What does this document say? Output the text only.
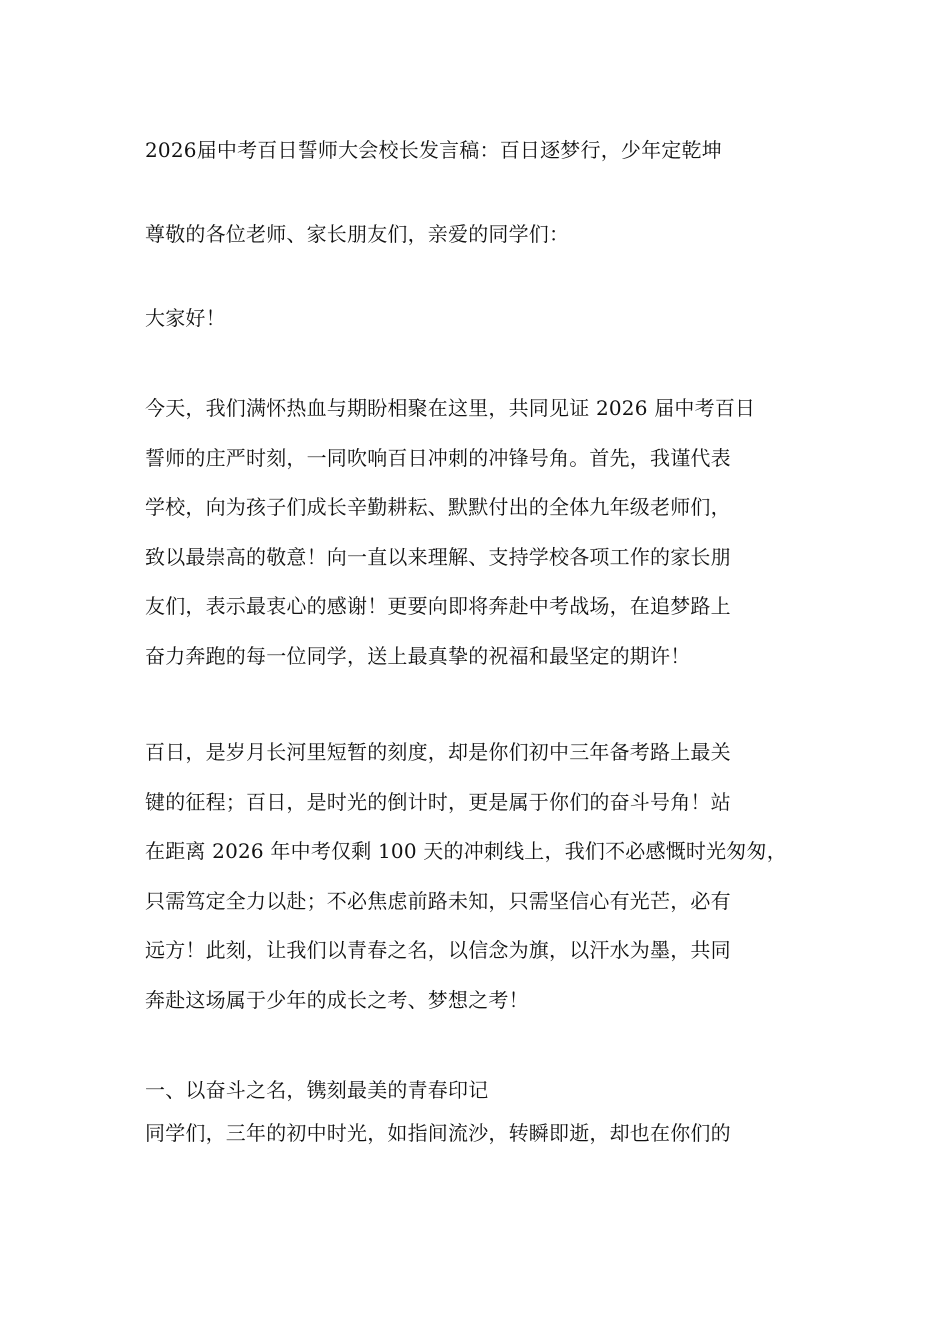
2026届中考百日誓师大会校长发言稿：百日逐梦行，少年定乾坤
尊敬的各位老师、家长朋友们，亲爱的同学们：
大家好！
今天，我们满怀热血与期盼相聚在这里，共同见证 2026 届中考百日
誓师的庄严时刻，一同吹响百日冲刺的冲锋号角。首先，我谨代表
学校，向为孩子们成长辛勤耕耘、默默付出的全体九年级老师们，
致以最崇高的敬意！向一直以来理解、支持学校各项工作的家长朋
友们，表示最衷心的感谢！更要向即将奔赴中考战场，在追梦路上
奋力奔跑的每一位同学，送上最真挚的祝福和最坚定的期许！
百日，是岁月长河里短暂的刻度，却是你们初中三年备考路上最关
键的征程；百日，是时光的倒计时，更是属于你们的奋斗号角！站
在距离 2026 年中考仅剩 100 天的冲刺线上，我们不必感慨时光匆匆，
只需笃定全力以赴；不必焦虑前路未知，只需坚信心有光芒，必有
远方！此刻，让我们以青春之名，以信念为旗，以汗水为墨，共同
奔赴这场属于少年的成长之考、梦想之考！
一、以奋斗之名，镌刻最美的青春印记
同学们，三年的初中时光，如指间流沙，转瞬即逝，却也在你们的
